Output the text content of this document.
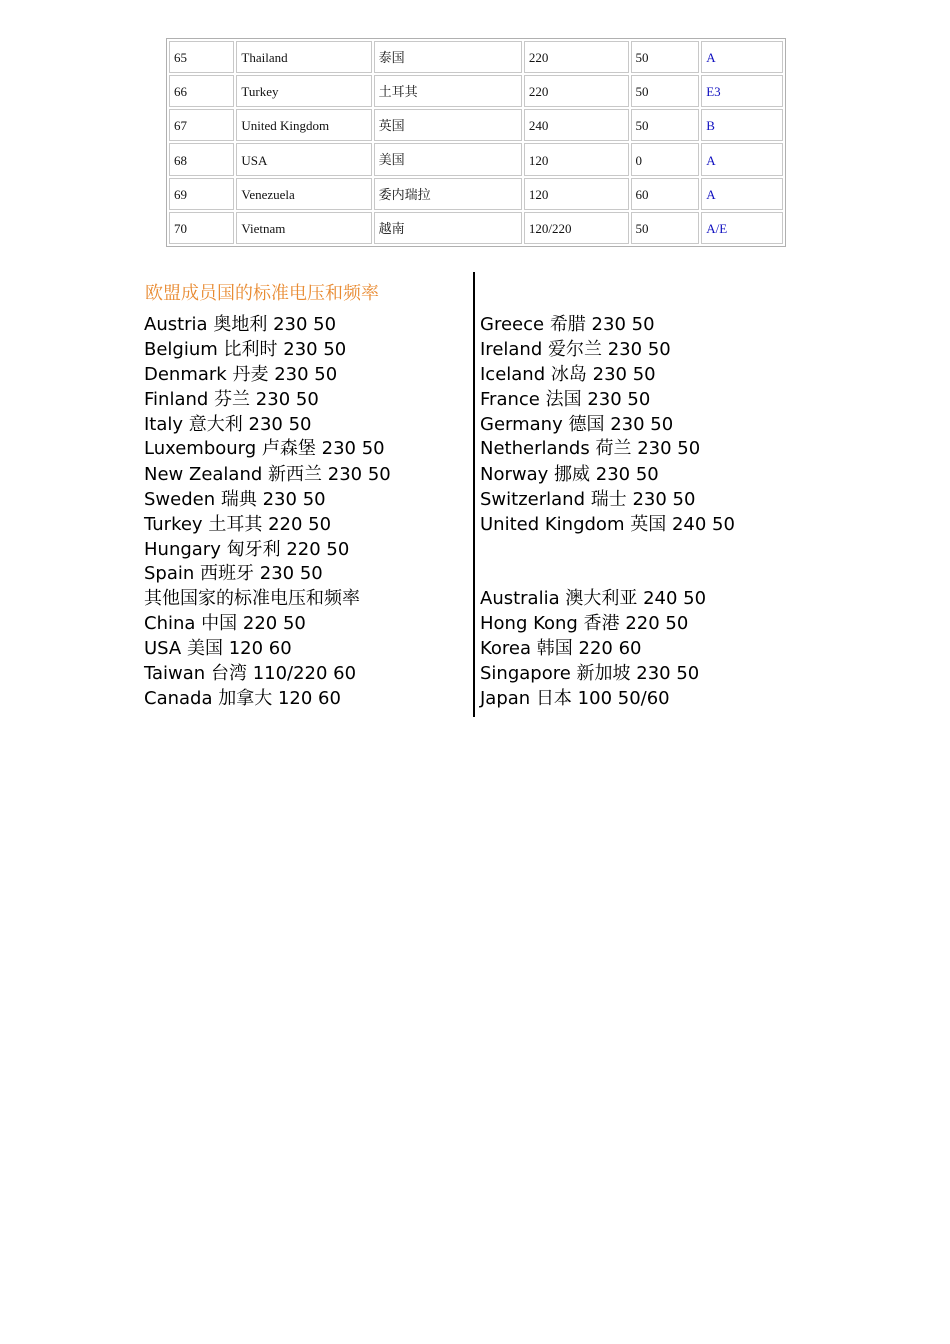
65	Thailand	泰国	220	50	A
66	Turkey	土耳其	220	50	E3
67	United Kingdom	英国	240	50	B
68	USA	美国	120	0	A
69	Venezuela	委内瑞拉	120	60	A
70	Vietnam	越南	120/220	50	A/E
欧盟成员国的标准电压和频率

Austria 奥地利 230 50

Belgium 比利时 230 50

Denmark 丹麦 230 50

Finland 芬兰 230 50

Italy 意大利 230 50

Luxembourg 卢森堡 230 50

New Zealand 新西兰 230 50

Sweden 瑞典 230 50

Turkey 土耳其 220 50

Hungary 匈牙利 220 50

Spain 西班牙 230 50

Greece 希腊 230 50

Ireland 爱尔兰 230 50

Iceland 冰岛 230 50

France 法国 230 50

Germany 德国 230 50

Netherlands 荷兰 230 50

Norway 挪威 230 50

Switzerland 瑞士 230 50

United Kingdom 英国 240 50

其他国家的标准电压和频率

China 中国 220 50

USA 美国 120 60

Taiwan 台湾 110/220 60

Canada 加拿大 120 60

Australia 澳大利亚 240 50

Hong Kong 香港 220 50

Korea 韩国 220 60

Singapore 新加坡 230 50

Japan 日本 100 50/60
